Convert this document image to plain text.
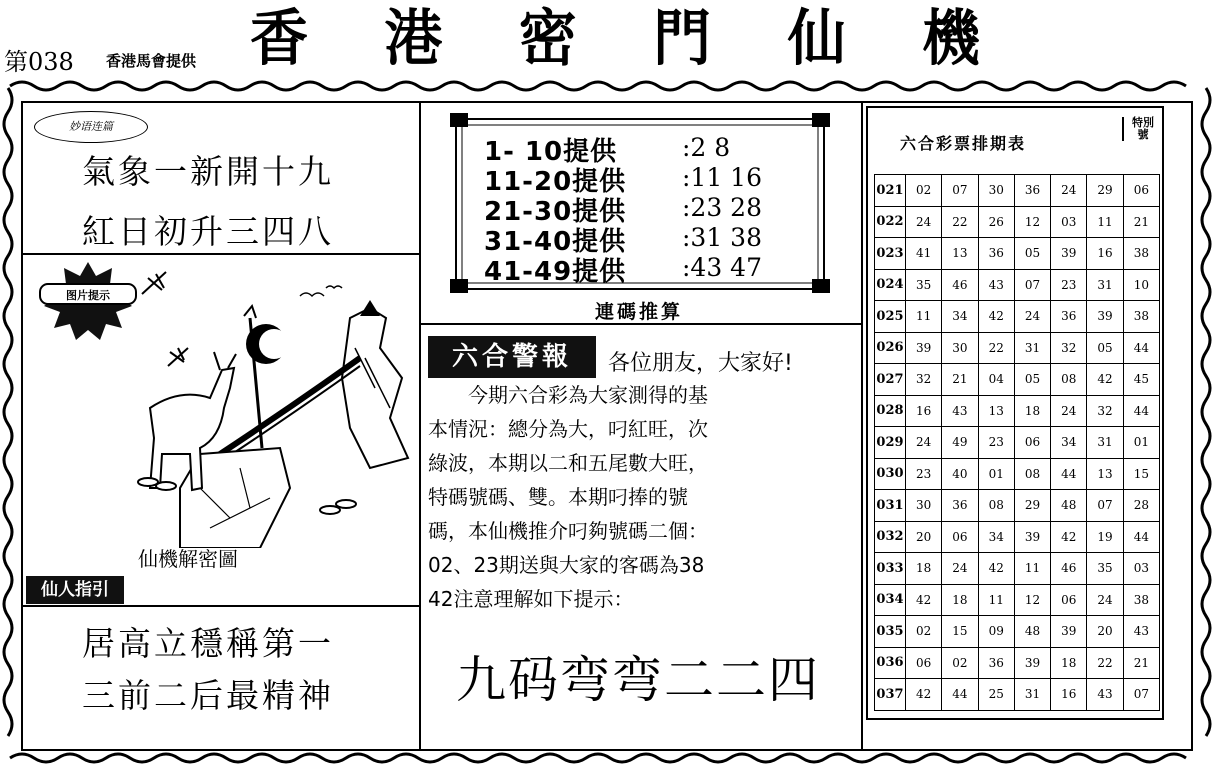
第038 香港馬會提供 香 港 密 門 仙 機
妙语连篇
氣象一新開十九
紅日初升三四八
图片提示
仙機解密圖
仙人指引
居高立穩稱第一
三前二后最精神
1- 10提供	:2 8
11-20提供 :11 16
21-30提供 :23 28
31-40提供 :31 38
41-49提供 :43 47
連碼推算
六合警報	各位朋友，大家好!
　　今期六合彩為大家測得的基
本情況：總分為大，叼紅旺，次
綠波，本期以二和五尾數大旺，
特碼號碼、雙。本期叼捧的號
碼，本仙機推介叼夠號碼二個：
02、23期送與大家的客碼為38
42注意理解如下提示：
九码弯弯二二四
六合彩票排期表
特別號
021	02	07	30	36	24	29	06
022	24	22	26	12	03	11	21
023	41	13	36	05	39	16	38
024	35	46	43	07	23	31	10
025	11	34	42	24	36	39	38
026	39	30	22	31	32	05	44
027	32	21	04	05	08	42	45
028	16	43	13	18	24	32	44
029	24	49	23	06	34	31	01
030	23	40	01	08	44	13	15
031	30	36	08	29	48	07	28
032	20	06	34	39	42	19	44
033	18	24	42	11	46	35	03
034	42	18	11	12	06	24	38
035	02	15	09	48	39	20	43
036	06	02	36	39	18	22	21
037	42	44	25	31	16	43	07
